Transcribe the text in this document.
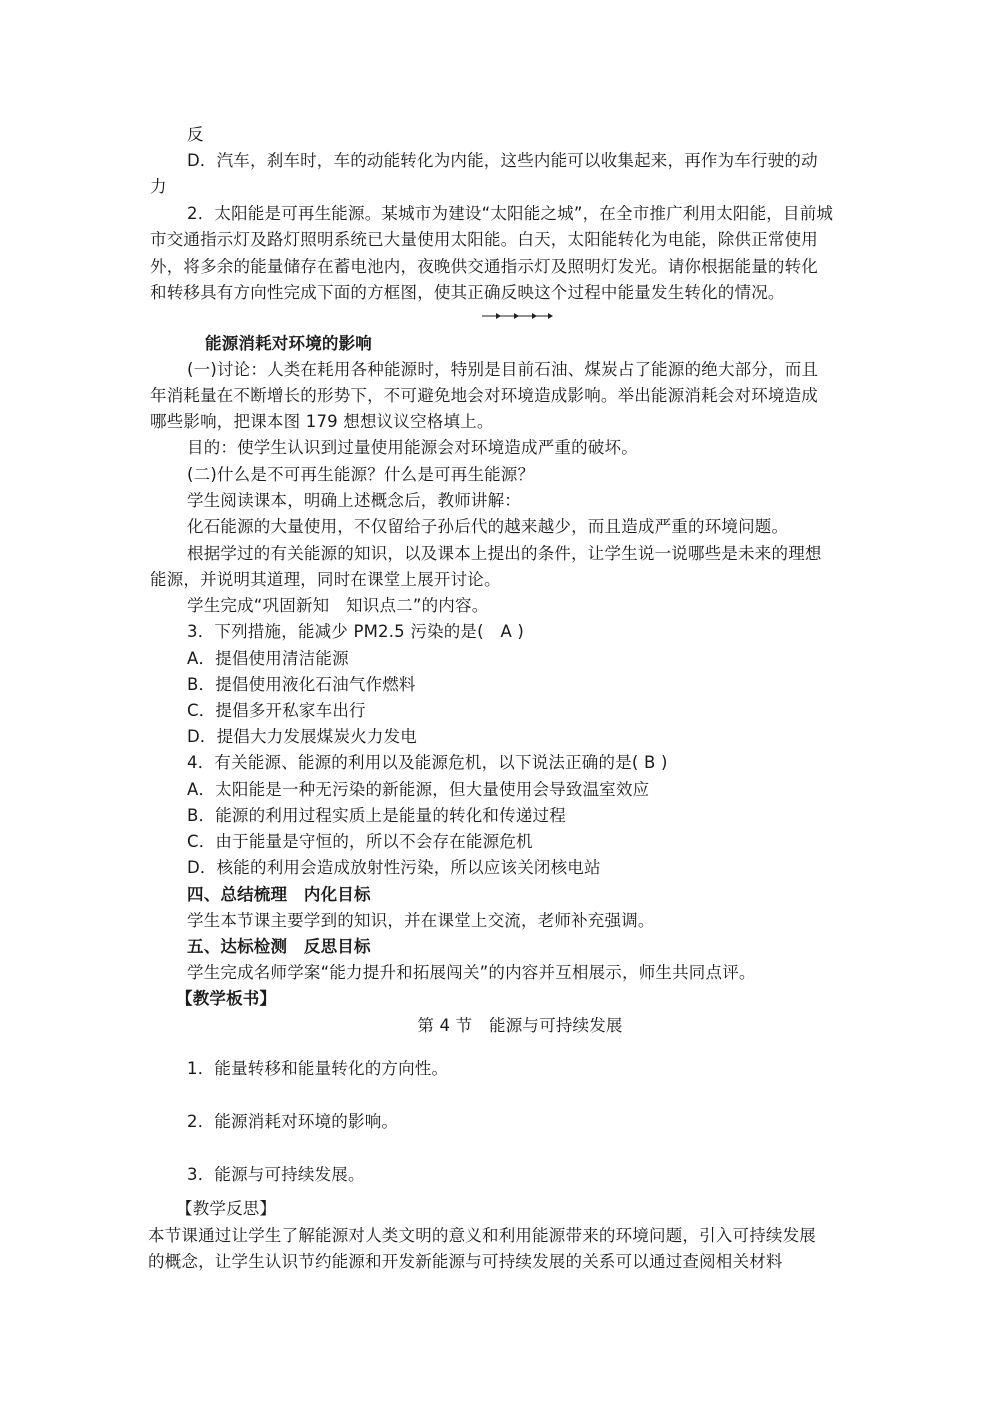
反
D．汽车，刹车时，车的动能转化为内能，这些内能可以收集起来，再作为车行驶的动
力
2．太阳能是可再生能源。某城市为建设“太阳能之城”，在全市推广利用太阳能，目前城
市交通指示灯及路灯照明系统已大量使用太阳能。白天，太阳能转化为电能，除供正常使用
外，将多余的能量储存在蓄电池内，夜晚供交通指示灯及照明灯发光。请你根据能量的转化
和转移具有方向性完成下面的方框图，使其正确反映这个过程中能量发生转化的情况。
能源消耗对环境的影响
(一)讨论：人类在耗用各种能源时，特别是目前石油、煤炭占了能源的绝大部分，而且
年消耗量在不断增长的形势下，不可避免地会对环境造成影响。举出能源消耗会对环境造成
哪些影响，把课本图 179 想想议议空格填上。
目的：使学生认识到过量使用能源会对环境造成严重的破坏。
(二)什么是不可再生能源？什么是可再生能源？
学生阅读课本，明确上述概念后，教师讲解：
化石能源的大量使用，不仅留给子孙后代的越来越少，而且造成严重的环境问题。
根据学过的有关能源的知识，以及课本上提出的条件，让学生说一说哪些是未来的理想
能源，并说明其道理，同时在课堂上展开讨论。
学生完成“巩固新知　知识点二”的内容。
3．下列措施，能减少 PM2.5 污染的是(　A )
A．提倡使用清洁能源
B．提倡使用液化石油气作燃料
C．提倡多开私家车出行
D．提倡大力发展煤炭火力发电
4．有关能源、能源的利用以及能源危机，以下说法正确的是( B )
A．太阳能是一种无污染的新能源，但大量使用会导致温室效应
B．能源的利用过程实质上是能量的转化和传递过程
C．由于能量是守恒的，所以不会存在能源危机
D．核能的利用会造成放射性污染，所以应该关闭核电站
四、总结梳理　内化目标
学生本节课主要学到的知识，并在课堂上交流，老师补充强调。
五、达标检测　反思目标
学生完成名师学案“能力提升和拓展闯关”的内容并互相展示，师生共同点评。
【教学板书】
第 4 节　能源与可持续发展
1．能量转移和能量转化的方向性。
2．能源消耗对环境的影响。
3．能源与可持续发展。
【教学反思】
本节课通过让学生了解能源对人类文明的意义和利用能源带来的环境问题，引入可持续发展
的概念，让学生认识节约能源和开发新能源与可持续发展的关系可以通过查阅相关材料
